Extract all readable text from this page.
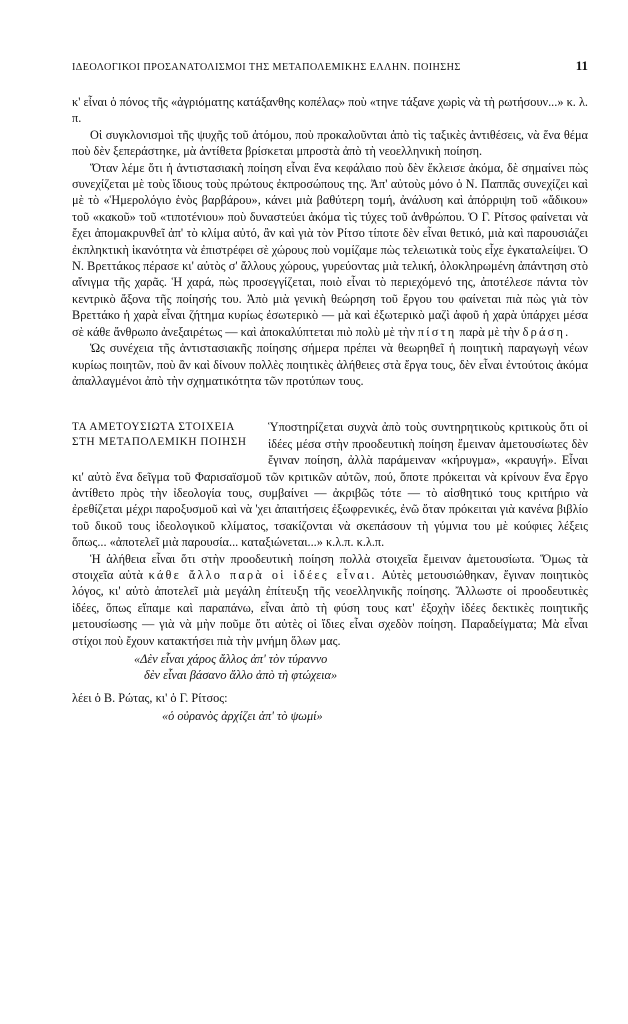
ΙΔΕΟΛΟΓΙΚΟΙ ΠΡΟΣΑΝΑΤΟΛΙΣΜΟΙ ΤΗΣ ΜΕΤΑΠΟΛΕΜΙΚΗΣ ΕΛΛΗΝ. ΠΟΙΗΣΗΣ	11

κ' εἶναι ὁ πόνος τῆς «ἀγριόματης κατάξανθης κοπέλας» ποὺ «τηνε τάξανε χωρὶς νὰ τὴ ρωτήσουν...» κ. λ. π.

Οἱ συγκλονισμοὶ τῆς ψυχῆς τοῦ ἀτόμου, ποὺ προκαλοῦνται ἀπὸ τὶς ταξικὲς ἀντιθέσεις, νὰ ἕνα θέμα ποὺ δὲν ξεπεράστηκε, μὰ ἀντίθετα βρίσκεται μπροστὰ ἀπὸ τὴ νεοελληνικὴ ποίηση.

Ὅταν λέμε ὅτι ἡ ἀντιστασιακὴ ποίηση εἶναι ἕνα κεφάλαιο ποὺ δὲν ἔκλεισε ἀκόμα, δὲ σημαίνει πὼς συνεχίζεται μὲ τοὺς ἴδιους τοὺς πρώτους ἐκπροσώπους της. Ἀπ' αὐτοὺς μόνο ὁ Ν. Παππᾶς συνεχίζει καὶ μὲ τὸ «Ἡμερολόγιο ἑνὸς βαρβάρου», κάνει μιὰ βαθύτερη τομή, ἀνάλυση καὶ ἀπόρριψη τοῦ «ἄδικου» τοῦ «κακοῦ» τοῦ «τιποτένιου» ποὺ δυναστεύει ἀκόμα τὶς τύχες τοῦ ἀνθρώπου. Ὁ Γ. Ρίτσος φαίνεται νὰ ἔχει ἀπομακρυνθεῖ ἀπ' τὸ κλίμα αὐτό, ἂν καὶ γιὰ τὸν Ρίτσο τίποτε δὲν εἶναι θετικό, μιὰ καὶ παρουσιάζει ἐκπληκτικὴ ἱκανότητα νὰ ἐπιστρέφει σὲ χώρους ποὺ νομίζαμε πὼς τελειωτικὰ τοὺς εἶχε ἐγκαταλείψει. Ὁ Ν. Βρεττάκος πέρασε κι' αὐτὸς σ' ἄλλους χώρους, γυρεύοντας μιὰ τελική, ὁλοκληρωμένη ἀπάντηση στὸ αἴνιγμα τῆς χαρᾶς. Ἡ χαρά, πὼς προσεγγίζεται, ποιὸ εἶναι τὸ περιεχόμενό της, ἀποτέλεσε πάντα τὸν κεντρικὸ ἄξονα τῆς ποίησής του. Ἀπὸ μιὰ γενικὴ θεώρηση τοῦ ἔργου του φαίνεται πιὰ πὼς γιὰ τὸν Βρεττάκο ἡ χαρὰ εἶναι ζήτημα κυρίως ἐσωτερικὸ — μὰ καὶ ἐξωτερικὸ μαζὶ ἀφοῦ ἡ χαρὰ ὑπάρχει μέσα σὲ κάθε ἄνθρωπο ἀνεξαιρέτως — καὶ ἀποκαλύπτεται πιὸ πολὺ μὲ τὴν πίστη παρὰ μὲ τὴν δράση.

Ὡς συνέχεια τῆς ἀντιστασιακῆς ποίησης σήμερα πρέπει νὰ θεωρηθεῖ ἡ ποιητικὴ παραγωγὴ νέων κυρίως ποιητῶν, ποὺ ἂν καὶ δίνουν πολλὲς ποιητικὲς ἀλήθειες στὰ ἔργα τους, δὲν εἶναι ἐντούτοις ἀκόμα ἀπαλλαγμένοι ἀπὸ τὴν σχηματικότητα τῶν προτύπων τους.

ΤΑ ΑΜΕΤΟΥΣΙΩΤΑ ΣΤΟΙΧΕΙΑ
ΣΤΗ ΜΕΤΑΠΟΛΕΜΙΚΗ ΠΟΙΗΣΗ

Ὑποστηρίζεται συχνὰ ἀπὸ τοὺς συντηρητικοὺς κριτικοὺς ὅτι οἱ ἰδέες μέσα στὴν προοδευτικὴ ποίηση ἔμειναν ἀμετουσίωτες δὲν ἔγιναν ποίηση, ἀλλὰ παράμειναν «κήρυγμα», «κραυγή». Εἶναι κι' αὐτὸ ἕνα δεῖγμα τοῦ Φαρισαϊσμοῦ τῶν κριτικῶν αὐτῶν, πού, ὅποτε πρόκειται νὰ κρίνουν ἕνα ἔργο ἀντίθετο πρὸς τὴν ἰδεολογία τους, συμβαίνει — ἀκριβῶς τότε — τὸ αἰσθητικό τους κριτήριο νὰ ἐρεθίζεται μέχρι παροξυσμοῦ καὶ νὰ 'χει ἀπαιτήσεις ἐξωφρενικές, ἐνῶ ὅταν πρόκειται γιὰ κανένα βιβλίο τοῦ δικοῦ τους ἰδεολογικοῦ κλίματος, τσακίζονται νὰ σκεπάσουν τὴ γύμνια του μὲ κούφιες λέξεις ὅπως... «ἀποτελεῖ μιὰ παρουσία... καταξιώνεται...» κ.λ.π. κ.λ.π.

Ἡ ἀλήθεια εἶναι ὅτι στὴν προοδευτικὴ ποίηση πολλὰ στοιχεῖα ἔμειναν ἀμετουσίωτα. Ὅμως τὰ στοιχεῖα αὐτὰ κάθε ἄλλο παρὰ οἱ ἰδέες εἶναι. Αὐτὲς μετουσιώθηκαν, ἔγιναν ποιητικὸς λόγος, κι' αὐτὸ ἀποτελεῖ μιὰ μεγάλη ἐπίτευξη τῆς νεοελληνικῆς ποίησης. Ἄλλωστε οἱ προοδευτικὲς ἰδέες, ὅπως εἴπαμε καὶ παραπάνω, εἶναι ἀπὸ τὴ φύση τους κατ' ἐξοχὴν ἰδέες δεκτικὲς ποιητικῆς μετουσίωσης — γιὰ νὰ μὴν ποῦμε ὅτι αὐτὲς οἱ ἴδιες εἶναι σχεδὸν ποίηση. Παραδείγματα; Μὰ εἶναι στίχοι ποὺ ἔχουν κατακτήσει πιὰ τὴν μνήμη ὅλων μας.

«Δὲν εἶναι χάρος ἄλλος ἀπ' τὸν τύραννο
δὲν εἶναι βάσανο ἄλλο ἀπὸ τὴ φτώχεια»
λέει ὁ Β. Ρώτας, κι' ὁ Γ. Ρίτσος:
«ὁ οὐρανὸς ἀρχίζει ἀπ' τὸ ψωμί»
